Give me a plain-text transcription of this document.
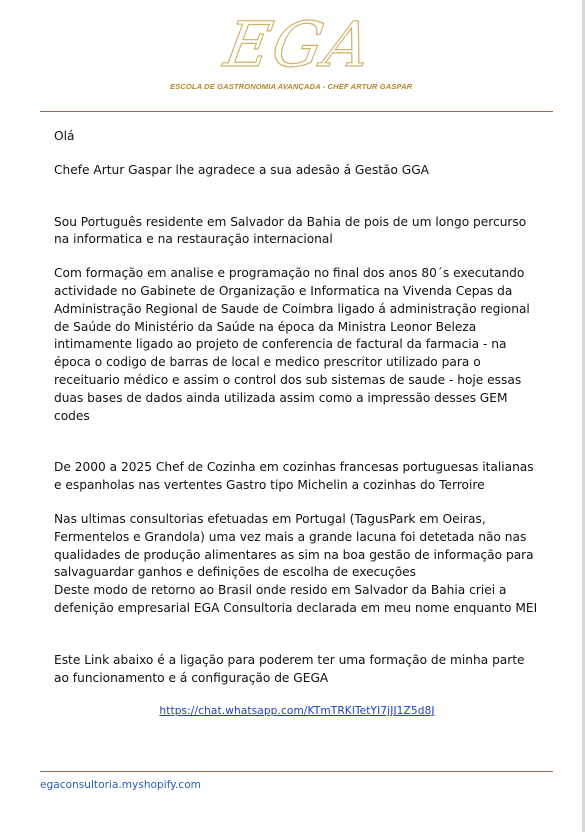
EGA
ESCOLA DE GASTRONOMIA AVANÇADA - CHEF ARTUR GASPAR

Olá

Chefe Artur Gaspar lhe agradece a sua adesão á Gestão GGA

Sou Português residente em Salvador da Bahia de pois de um longo percurso na informatica e na restauração internacional

Com formação em analise e programação no final dos anos 80´s executando actividade no Gabinete de Organização e Informatica na Vivenda Cepas da Administração Regional de Saude de Coimbra ligado á administração regional de Saúde do Ministério da Saúde na época da Ministra Leonor Beleza intimamente ligado ao projeto de conferencia de factural da farmacia - na época o codigo de barras de local e medico prescritor utilizado para o receituario médico e assim o control dos sub sistemas de saude - hoje essas duas bases de dados ainda utilizada assim como a impressão desses GEM codes

De 2000 a 2025 Chef de Cozinha em cozinhas francesas portuguesas italianas e espanholas nas vertentes Gastro tipo Michelin a cozinhas do Terroire

Nas ultimas consultorias efetuadas em Portugal (TagusPark em Oeiras, Fermentelos e Grandola) uma vez mais a grande lacuna foi detetada não nas qualidades de produção alimentares as sim na boa gestão de informação para salvaguardar ganhos e definições de escolha de execuções

Deste modo de retorno ao Brasil onde resido em Salvador da Bahia criei a defenição empresarial EGA Consultoria declarada em meu nome enquanto MEI

Este Link abaixo é a ligação para poderem ter uma formação de minha parte ao funcionamento e á configuração de GEGA

https://chat.whatsapp.com/KTmTRKlTetYI7jJJ1Z5d8J
egaconsultoria.myshopify.com
